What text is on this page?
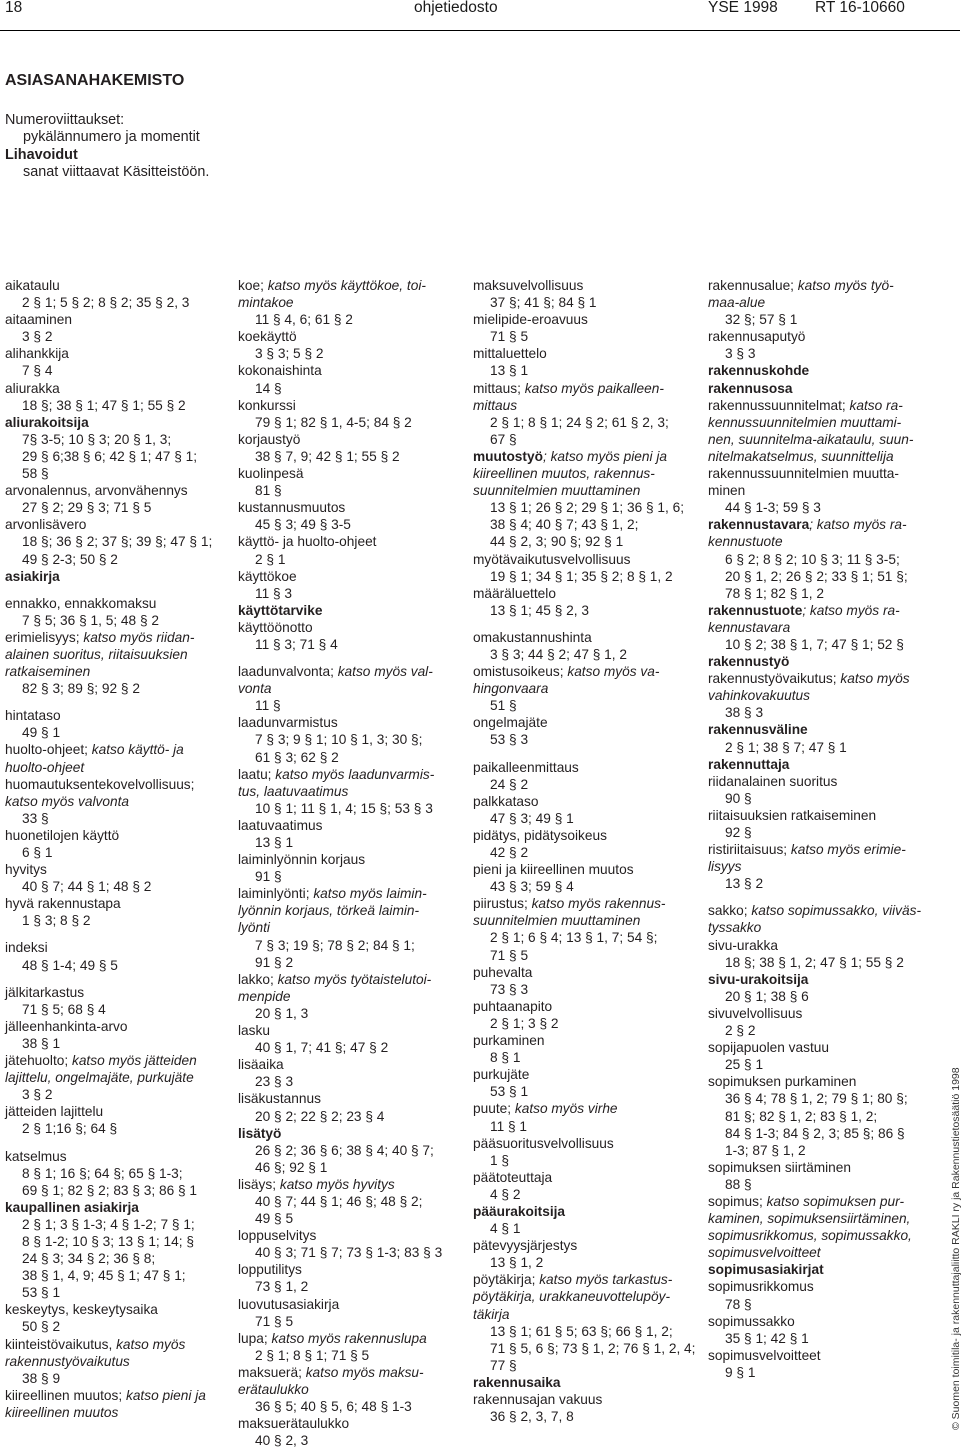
18	ohjetiedosto	YSE 1998 RT 16-10660
ASIASANAHAKEMISTO
Numeroviittaukset:
pykälännumero ja momentit
Lihavoidut
sanat viittaavat Käsitteistöön.
aikataulu
2 § 1; 5 § 2; 8 § 2; 35 § 2, 3
aitaaminen
3 § 2
alihankkija
7 § 4
aliurakka
18 §; 38 § 1; 47 § 1; 55 § 2
aliurakoitsija
7§ 3-5; 10 § 3; 20 § 1, 3;
29 § 6;38 § 6; 42 § 1; 47 § 1;
58 §
arvonalennus, arvonvähennys
27 § 2; 29 § 3; 71 § 5
arvonlisävero
18 §; 36 § 2; 37 §; 39 §; 47 § 1;
49 § 2-3; 50 § 2
asiakirja
ennakko, ennakkomaksu
7 § 5; 36 § 1, 5; 48 § 2
erimielisyys; katso myös riidan-
alainen suoritus, riitaisuuksien
ratkaiseminen
82 § 3; 89 §; 92 § 2
hintataso
49 § 1
huolto-ohjeet; katso käyttö- ja
huolto-ohjeet
huomautuksentekovelvollisuus;
katso myös valvonta
33 §
huonetilojen käyttö
6 § 1
hyvitys
40 § 7; 44 § 1; 48 § 2
hyvä rakennustapa
1 § 3; 8 § 2
indeksi
48 § 1-4; 49 § 5
jälkitarkastus
71 § 5; 68 § 4
jälleenhankinta-arvo
38 § 1
jätehuolto; katso myös jätteiden
lajittelu, ongelmajäte, purkujäte
3 § 2
jätteiden lajittelu
2 § 1;16 §; 64 §
katselmus
8 § 1; 16 §; 64 §; 65 § 1-3;
69 § 1; 82 § 2; 83 § 3; 86 § 1
kaupallinen asiakirja
2 § 1; 3 § 1-3; 4 § 1-2; 7 § 1;
8 § 1-2; 10 § 3; 13 § 1; 14; §
24 § 3; 34 § 2; 36 § 8;
38 § 1, 4, 9; 45 § 1; 47 § 1;
53 § 1
keskeytys, keskeytysaika
50 § 2
kiinteistövaikutus, katso myös
rakennustyövaikutus
38 § 9
kiireellinen muutos; katso pieni ja
kiireellinen muutos
koe; katso myös käyttökoe, toi-
mintakoe
11 § 4, 6; 61 § 2
koekäyttö
3 § 3; 5 § 2
kokonaishinta
14 §
konkurssi
79 § 1; 82 § 1, 4-5; 84 § 2
korjaustyö
38 § 7, 9; 42 § 1; 55 § 2
kuolinpesä
81 §
kustannusmuutos
45 § 3; 49 § 3-5
käyttö- ja huolto-ohjeet
2 § 1
käyttökoe
11 § 3
käyttötarvike
käyttöönotto
11 § 3; 71 § 4
laadunvalvonta; katso myös val-
vonta
11 §
laadunvarmistus
7 § 3; 9 § 1; 10 § 1, 3; 30 §;
61 § 3; 62 § 2
laatu; katso myös laadunvarmis-
tus, laatuvaatimus
10 § 1; 11 § 1, 4; 15 §; 53 § 3
laatuvaatimus
13 § 1
laiminlyönnin korjaus
91 §
laiminlyönti; katso myös laimin-
lyönnin korjaus, törkeä laimin-
lyönti
7 § 3; 19 §; 78 § 2; 84 § 1;
91 § 2
lakko; katso myös työtaistelutoi-
menpide
20 § 1, 3
lasku
40 § 1, 7; 41 §; 47 § 2
lisäaika
23 § 3
lisäkustannus
20 § 2; 22 § 2; 23 § 4
lisätyö
26 § 2; 36 § 6; 38 § 4; 40 § 7;
46 §; 92 § 1
lisäys; katso myös hyvitys
40 § 7; 44 § 1; 46 §; 48 § 2;
49 § 5
loppuselvitys
40 § 3; 71 § 7; 73 § 1-3; 83 § 3
lopputilitys
73 § 1, 2
luovutusasiakirja
71 § 5
lupa; katso myös rakennuslupa
2 § 1; 8 § 1; 71 § 5
maksuerä; katso myös maksu-
erätaulukko
36 § 5; 40 § 5, 6; 48 § 1-3
maksuerätaulukko
40 § 2, 3
maksuvelvollisuus
37 §; 41 §; 84 § 1
mielipide-eroavuus
71 § 5
mittaluettelo
13 § 1
mittaus; katso myös paikalleen-
mittaus
2 § 1; 8 § 1; 24 § 2; 61 § 2, 3;
67 §
muutostyö; katso myös pieni ja
kiireellinen muutos, rakennus-
suunnitelmien muuttaminen
13 § 1; 26 § 2; 29 § 1; 36 § 1, 6;
38 § 4; 40 § 7; 43 § 1, 2;
44 § 2, 3; 90 §; 92 § 1
myötävaikutusvelvollisuus
19 § 1; 34 § 1; 35 § 2; 8 § 1, 2
määräluettelo
13 § 1; 45 § 2, 3
omakustannushinta
3 § 3; 44 § 2; 47 § 1, 2
omistusoikeus; katso myös va-
hingonvaara
51 §
ongelmajäte
53 § 3
paikalleenmittaus
24 § 2
palkkataso
47 § 3; 49 § 1
pidätys, pidätysoikeus
42 § 2
pieni ja kiireellinen muutos
43 § 3; 59 § 4
piirustus; katso myös rakennus-
suunnitelmien muuttaminen
2 § 1; 6 § 4; 13 § 1, 7; 54 §;
71 § 5
puhevalta
73 § 3
puhtaanapito
2 § 1; 3 § 2
purkaminen
8 § 1
purkujäte
53 § 1
puute; katso myös virhe
11 § 1
pääsuoritusvelvollisuus
1 §
päätoteuttaja
4 § 2
pääurakoitsija
4 § 1
pätevyysjärjestys
13 § 1, 2
pöytäkirja; katso myös tarkastus-
pöytäkirja, urakkaneuvottelupöy-
täkirja
13 § 1; 61 § 5; 63 §; 66 § 1, 2;
71 § 5, 6 §; 73 § 1, 2; 76 § 1, 2, 4;
77 §
rakennusaika
rakennusajan vakuus
36 § 2, 3, 7, 8
rakennusalue; katso myös työ-
maa-alue
32 §; 57 § 1
rakennusaputyö
3 § 3
rakennuskohde
rakennusosa
rakennussuunnitelmat; katso ra-
kennussuunnitelmien muuttami-
nen, suunnitelma-aikataulu, suun-
nitelmakatselmus, suunnittelija
rakennussuunnitelmien muutta-
minen
44 § 1-3; 59 § 3
rakennustavara; katso myös ra-
kennustuote
6 § 2; 8 § 2; 10 § 3; 11 § 3-5;
20 § 1, 2; 26 § 2; 33 § 1; 51 §;
78 § 1; 82 § 1, 2
rakennustuote; katso myös ra-
kennustavara
10 § 2; 38 § 1, 7; 47 § 1; 52 §
rakennustyö
rakennustyövaikutus; katso myös
vahinkovakuutus
38 § 3
rakennusväline
2 § 1; 38 § 7; 47 § 1
rakennuttaja
riidanalainen suoritus
90 §
riitaisuuksien ratkaiseminen
92 §
ristiriitaisuus; katso myös erimie-
lisyys
13 § 2
sakko; katso sopimussakko, viiväs-
tyssakko
sivu-urakka
18 §; 38 § 1, 2; 47 § 1; 55 § 2
sivu-urakoitsija
20 § 1; 38 § 6
sivuvelvollisuus
2 § 2
sopijapuolen vastuu
25 § 1
sopimuksen purkaminen
36 § 4; 78 § 1, 2; 79 § 1; 80 §;
81 §; 82 § 1, 2; 83 § 1, 2;
84 § 1-3; 84 § 2, 3; 85 §; 86 §
1-3; 87 § 1, 2
sopimuksen siirtäminen
88 §
sopimus; katso sopimuksen pur-
kaminen, sopimuksensiirtäminen,
sopimusrikkomus, sopimussakko,
sopimusvelvoitteet
sopimusasiakirjat
sopimusrikkomus
78 §
sopimussakko
35 § 1; 42 § 1
sopimusvelvoitteet
9 § 1	© Suomen toimitila- ja rakennuttajaliitto RAKLI ry ja Rakennustietosäätiö 1998
